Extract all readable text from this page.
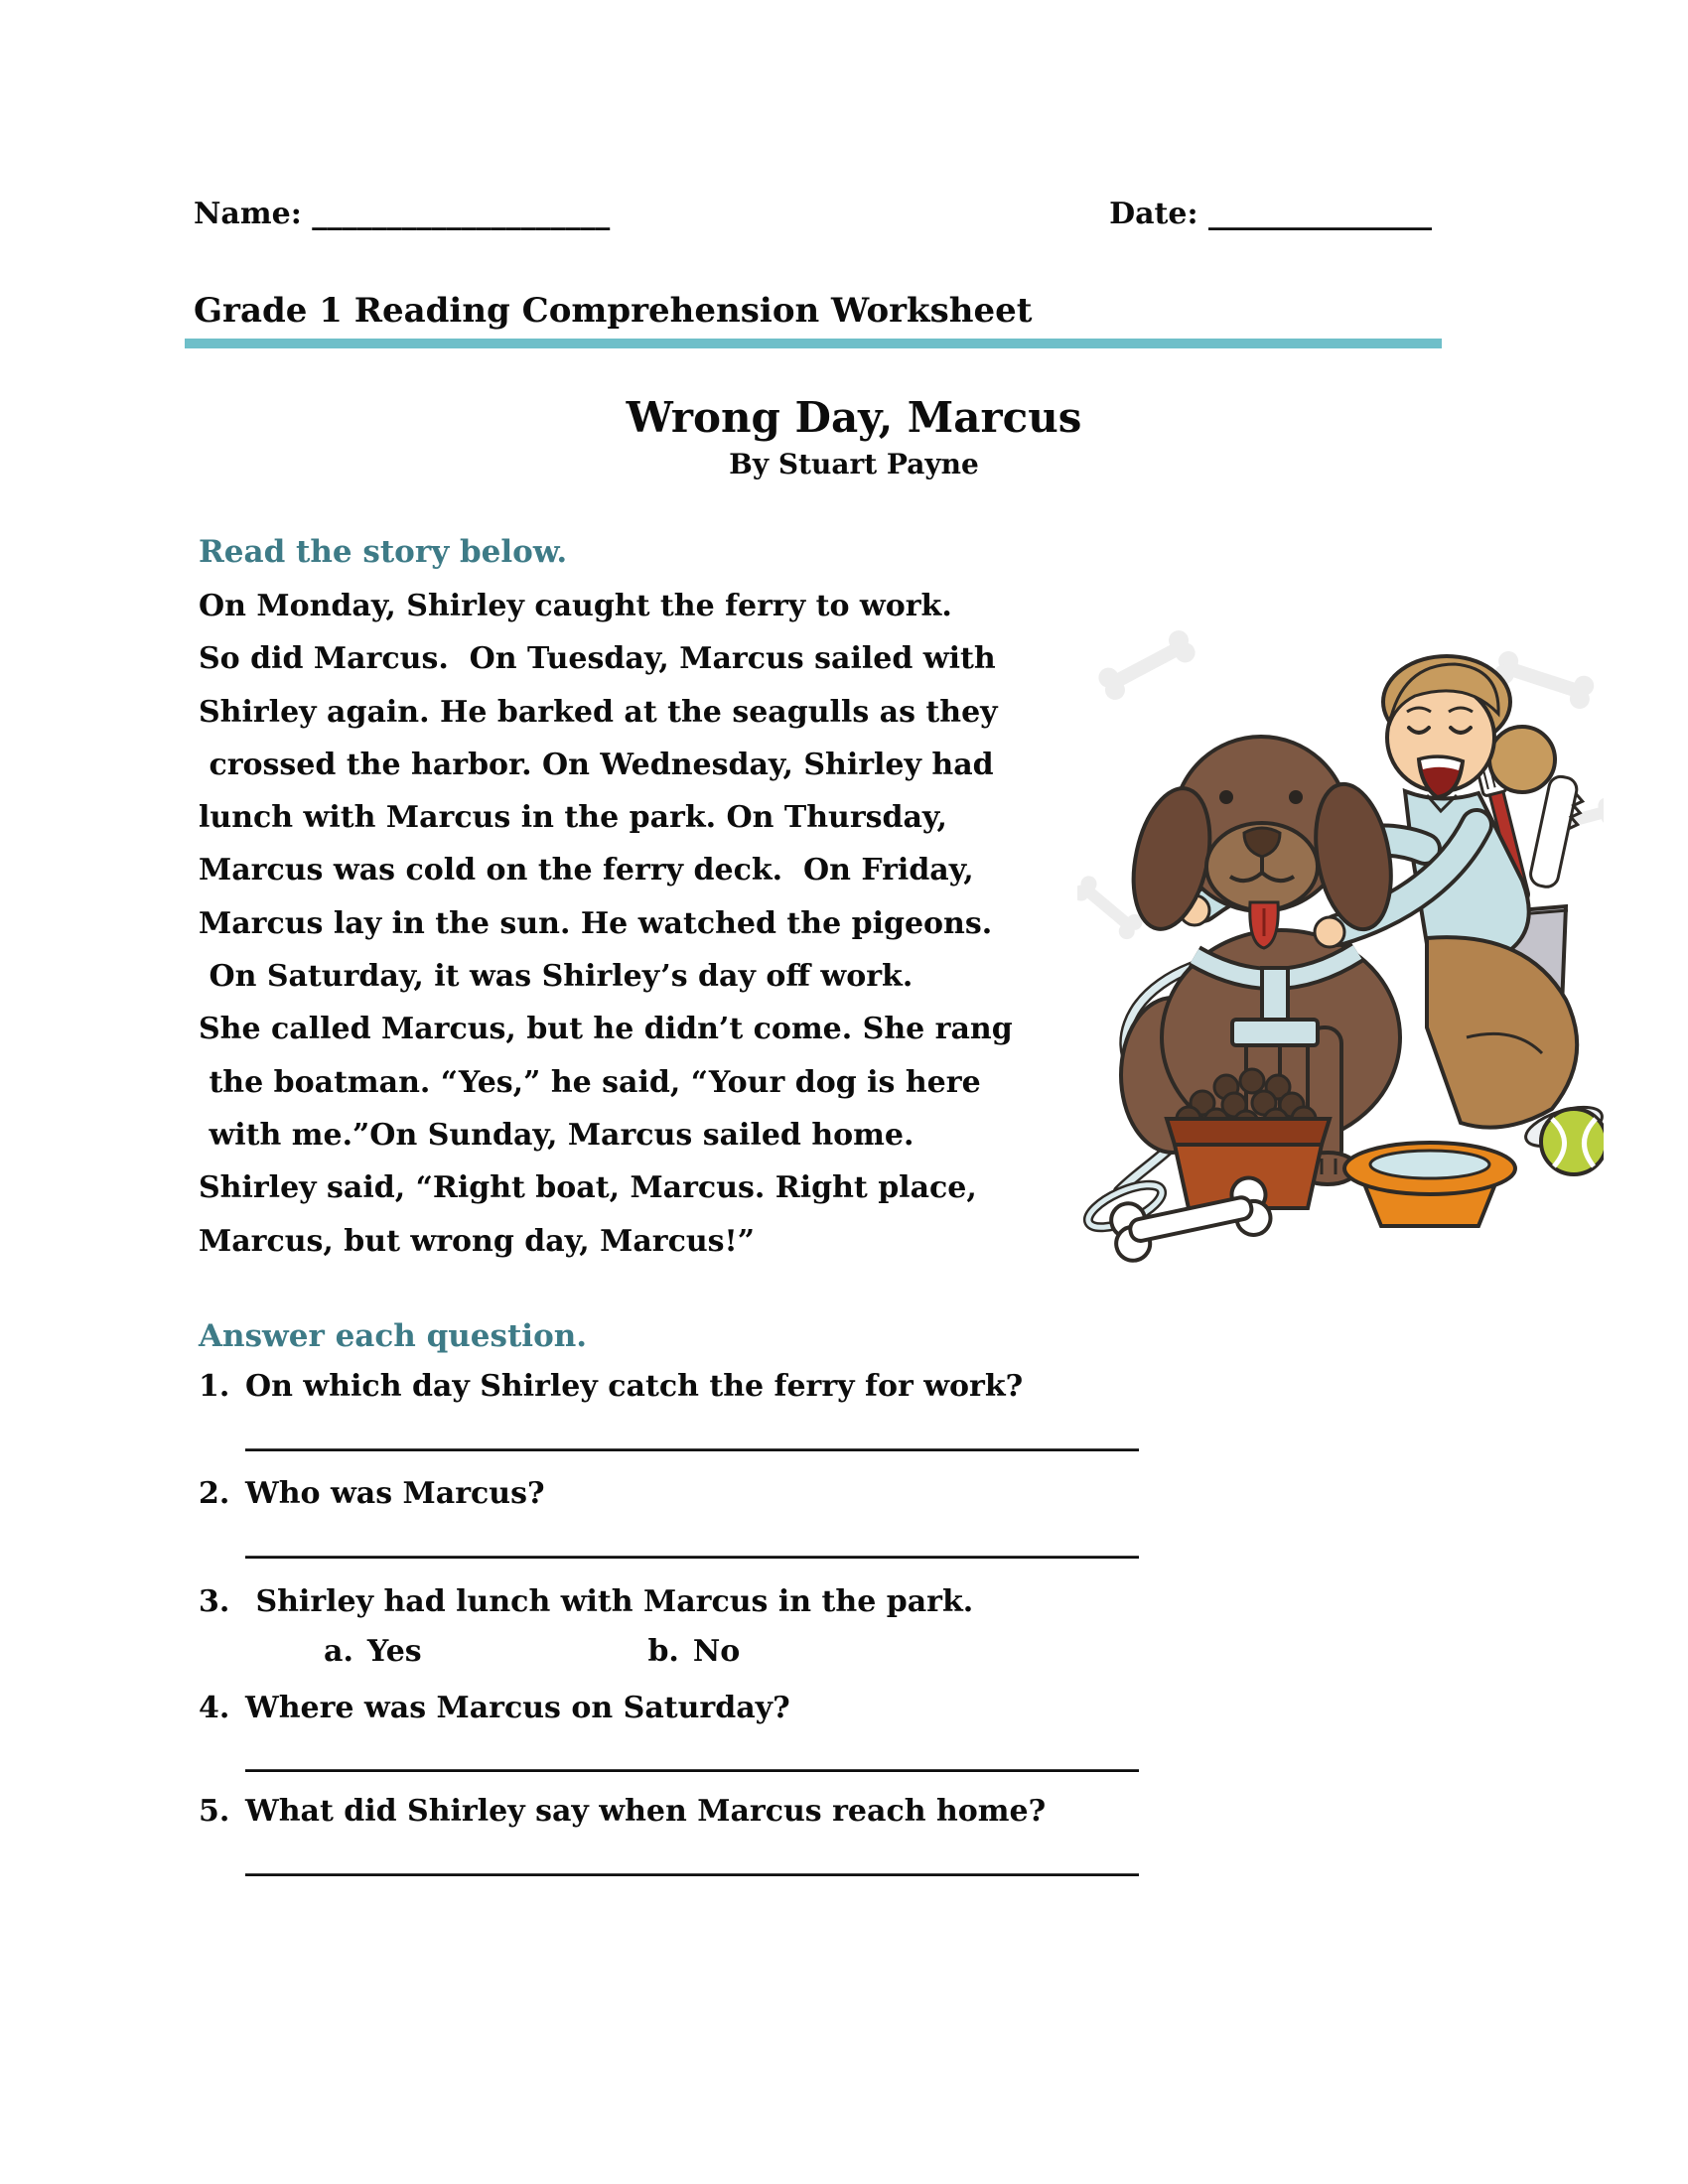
Name: ____________________	Date: _______________
Grade 1 Reading Comprehension Worksheet
Wrong Day, Marcus
By Stuart Payne
Read the story below.
On Monday, Shirley caught the ferry to work.
So did Marcus.  On Tuesday, Marcus sailed with
Shirley again. He barked at the seagulls as they
crossed the harbor. On Wednesday, Shirley had
lunch with Marcus in the park. On Thursday,
Marcus was cold on the ferry deck.  On Friday,
Marcus lay in the sun. He watched the pigeons.
On Saturday, it was Shirley’s day off work.
She called Marcus, but he didn’t come. She rang
the boatman. “Yes,” he said, “Your dog is here
with me.”On Sunday, Marcus sailed home.
Shirley said, “Right boat, Marcus. Right place,
Marcus, but wrong day, Marcus!”
Answer each question.
1. On which day Shirley catch the ferry for work?
____________________________________________________________
2. Who was Marcus?
____________________________________________________________
3. Shirley had lunch with Marcus in the park.
a. Yes	b. No
4. Where was Marcus on Saturday?
____________________________________________________________
5. What did Shirley say when Marcus reach home?
____________________________________________________________
